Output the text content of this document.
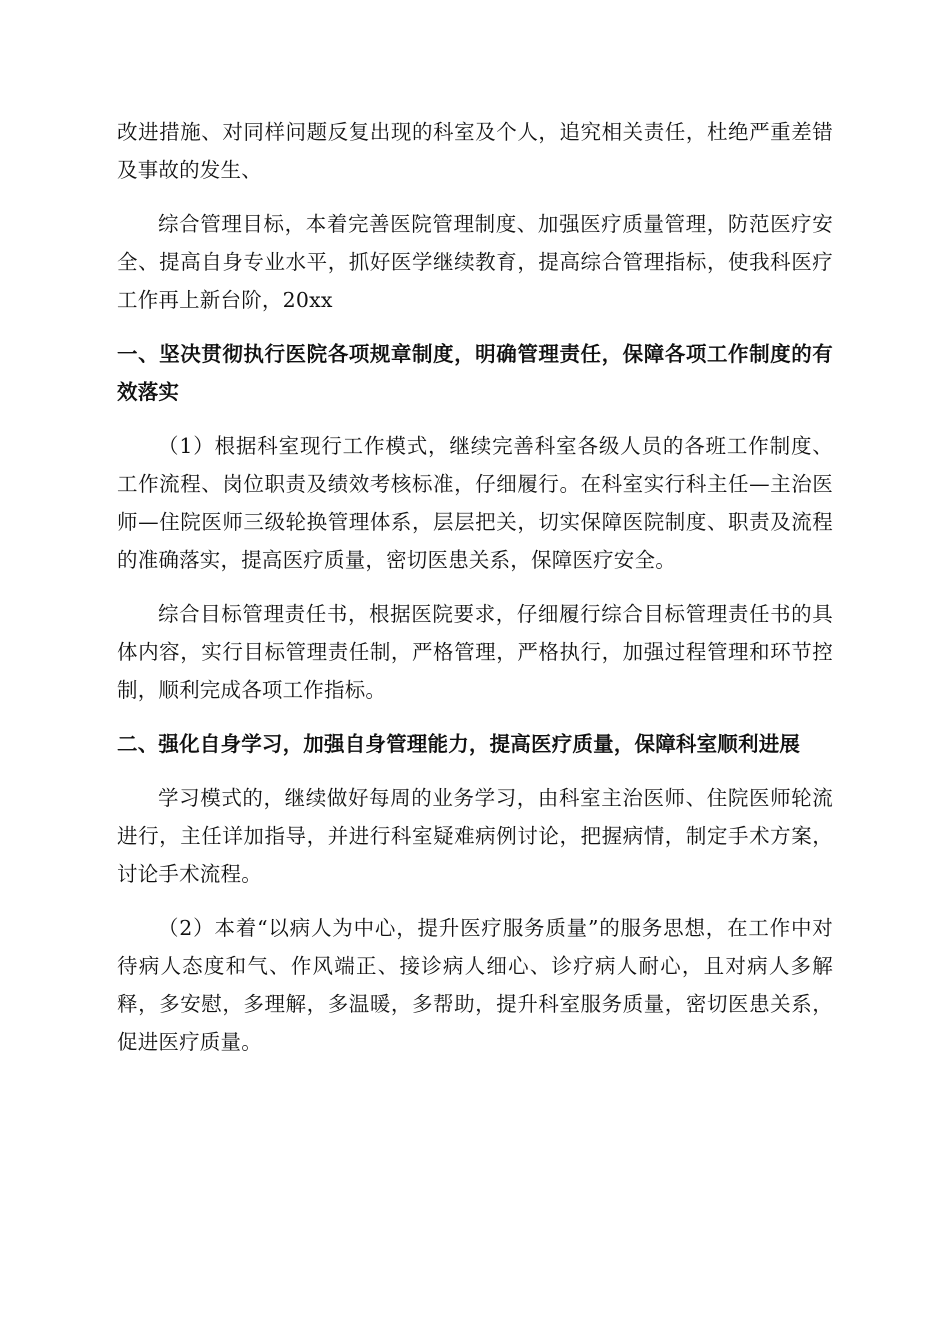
改进措施、对同样问题反复出现的科室及个人，追究相关责任，杜绝严重差错及事故的发生、

综合管理目标，本着完善医院管理制度、加强医疗质量管理，防范医疗安全、提高自身专业水平，抓好医学继续教育，提高综合管理指标，使我科医疗工作再上新台阶，20xx

一、坚决贯彻执行医院各项规章制度，明确管理责任，保障各项工作制度的有效落实

（1）根据科室现行工作模式，继续完善科室各级人员的各班工作制度、工作流程、岗位职责及绩效考核标准，仔细履行。在科室实行科主任—主治医师—住院医师三级轮换管理体系，层层把关，切实保障医院制度、职责及流程的准确落实，提高医疗质量，密切医患关系，保障医疗安全。

综合目标管理责任书，根据医院要求，仔细履行综合目标管理责任书的具体内容，实行目标管理责任制，严格管理，严格执行，加强过程管理和环节控制，顺利完成各项工作指标。

二、强化自身学习，加强自身管理能力，提高医疗质量，保障科室顺利进展

学习模式的，继续做好每周的业务学习，由科室主治医师、住院医师轮流进行，主任详加指导，并进行科室疑难病例讨论，把握病情，制定手术方案，讨论手术流程。

（2）本着“以病人为中心，提升医疗服务质量”的服务思想，在工作中对待病人态度和气、作风端正、接诊病人细心、诊疗病人耐心，且对病人多解释，多安慰，多理解，多温暖，多帮助，提升科室服务质量，密切医患关系，促进医疗质量。
